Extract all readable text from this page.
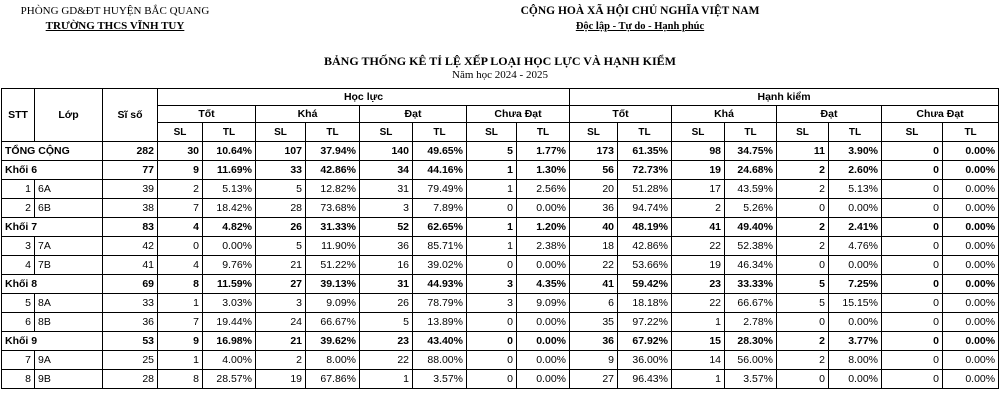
PHÒNG GD&ĐT HUYỆN BẮC QUANG
TRƯỜNG THCS VĨNH TUY
CỘNG HOÀ XÃ HỘI CHỦ NGHĨA VIỆT NAM
Độc lập - Tự do - Hạnh phúc
BẢNG THỐNG KÊ TỈ LỆ XẾP LOẠI HỌC LỰC VÀ HẠNH KIỂM
Năm học 2024 - 2025
STT	Lớp	Sĩ số	Học lực								Hạnh kiểm							
			Tốt		Khá		Đạt		Chưa Đạt		Tốt		Khá		Đạt		Chưa Đạt	
			SL	TL	SL	TL	SL	TL	SL	TL	SL	TL	SL	TL	SL	TL	SL	TL
TỔNG CỘNG		282	30	10.64%	107	37.94%	140	49.65%	5	1.77%	173	61.35%	98	34.75%	11	3.90%	0	0.00%
Khối 6		77	9	11.69%	33	42.86%	34	44.16%	1	1.30%	56	72.73%	19	24.68%	2	2.60%	0	0.00%
1	6A	39	2	5.13%	5	12.82%	31	79.49%	1	2.56%	20	51.28%	17	43.59%	2	5.13%	0	0.00%
2	6B	38	7	18.42%	28	73.68%	3	7.89%	0	0.00%	36	94.74%	2	5.26%	0	0.00%	0	0.00%
Khối 7		83	4	4.82%	26	31.33%	52	62.65%	1	1.20%	40	48.19%	41	49.40%	2	2.41%	0	0.00%
3	7A	42	0	0.00%	5	11.90%	36	85.71%	1	2.38%	18	42.86%	22	52.38%	2	4.76%	0	0.00%
4	7B	41	4	9.76%	21	51.22%	16	39.02%	0	0.00%	22	53.66%	19	46.34%	0	0.00%	0	0.00%
Khối 8		69	8	11.59%	27	39.13%	31	44.93%	3	4.35%	41	59.42%	23	33.33%	5	7.25%	0	0.00%
5	8A	33	1	3.03%	3	9.09%	26	78.79%	3	9.09%	6	18.18%	22	66.67%	5	15.15%	0	0.00%
6	8B	36	7	19.44%	24	66.67%	5	13.89%	0	0.00%	35	97.22%	1	2.78%	0	0.00%	0	0.00%
Khối 9		53	9	16.98%	21	39.62%	23	43.40%	0	0.00%	36	67.92%	15	28.30%	2	3.77%	0	0.00%
7	9A	25	1	4.00%	2	8.00%	22	88.00%	0	0.00%	9	36.00%	14	56.00%	2	8.00%	0	0.00%
8	9B	28	8	28.57%	19	67.86%	1	3.57%	0	0.00%	27	96.43%	1	3.57%	0	0.00%	0	0.00%
